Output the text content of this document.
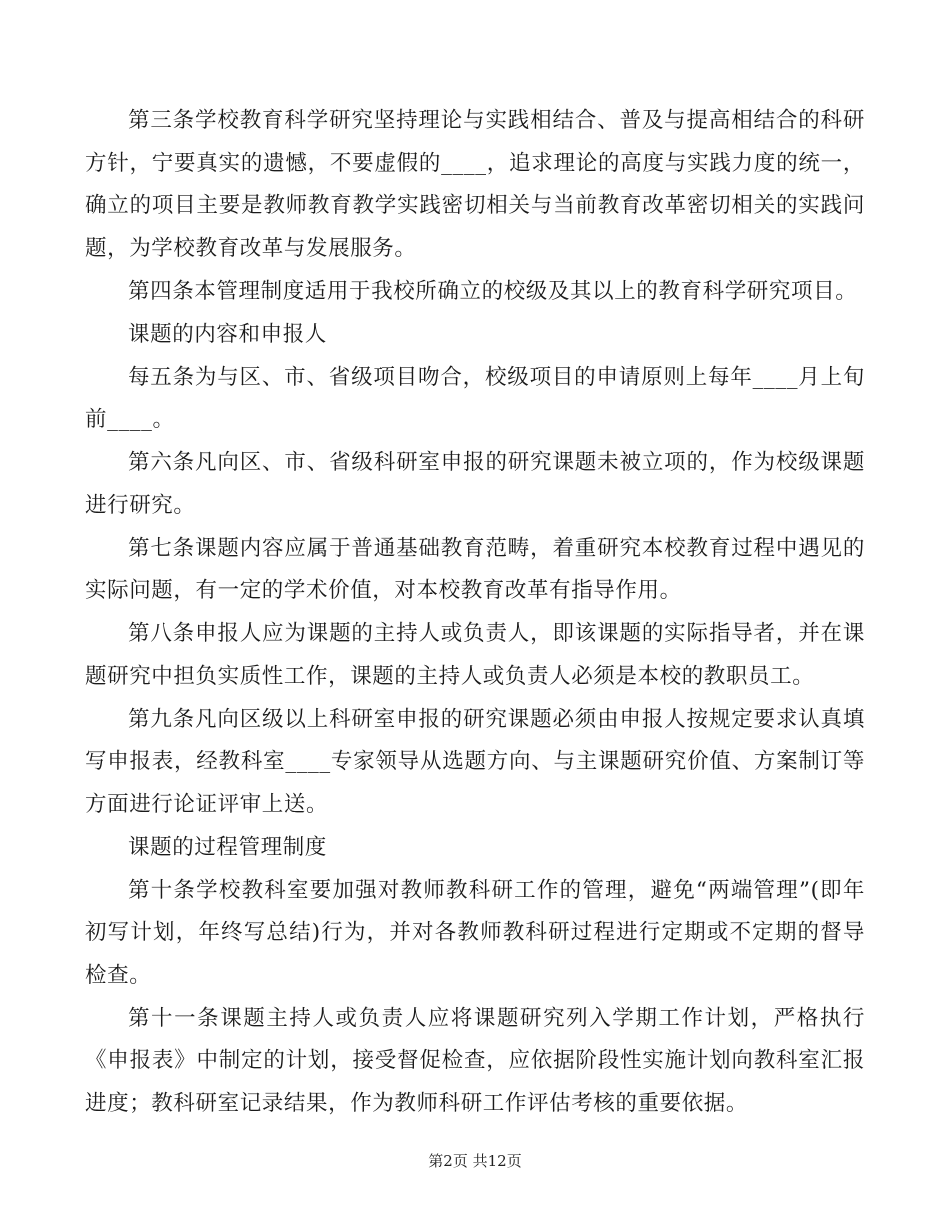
第三条学校教育科学研究坚持理论与实践相结合、普及与提高相结合的科研方针，宁要真实的遗憾，不要虚假的____，追求理论的高度与实践力度的统一，确立的项目主要是教师教育教学实践密切相关与当前教育改革密切相关的实践问题，为学校教育改革与发展服务。

第四条本管理制度适用于我校所确立的校级及其以上的教育科学研究项目。

课题的内容和申报人

每五条为与区、市、省级项目吻合，校级项目的申请原则上每年____月上旬前____。

第六条凡向区、市、省级科研室申报的研究课题未被立项的，作为校级课题进行研究。

第七条课题内容应属于普通基础教育范畴，着重研究本校教育过程中遇见的实际问题，有一定的学术价值，对本校教育改革有指导作用。

第八条申报人应为课题的主持人或负责人，即该课题的实际指导者，并在课题研究中担负实质性工作，课题的主持人或负责人必须是本校的教职员工。

第九条凡向区级以上科研室申报的研究课题必须由申报人按规定要求认真填写申报表，经教科室____专家领导从选题方向、与主课题研究价值、方案制订等方面进行论证评审上送。

课题的过程管理制度

第十条学校教科室要加强对教师教科研工作的管理，避免“两端管理”(即年初写计划，年终写总结)行为，并对各教师教科研过程进行定期或不定期的督导检查。

第十一条课题主持人或负责人应将课题研究列入学期工作计划，严格执行《申报表》中制定的计划，接受督促检查，应依据阶段性实施计划向教科室汇报进度；教科研室记录结果，作为教师科研工作评估考核的重要依据。

第2页 共12页
